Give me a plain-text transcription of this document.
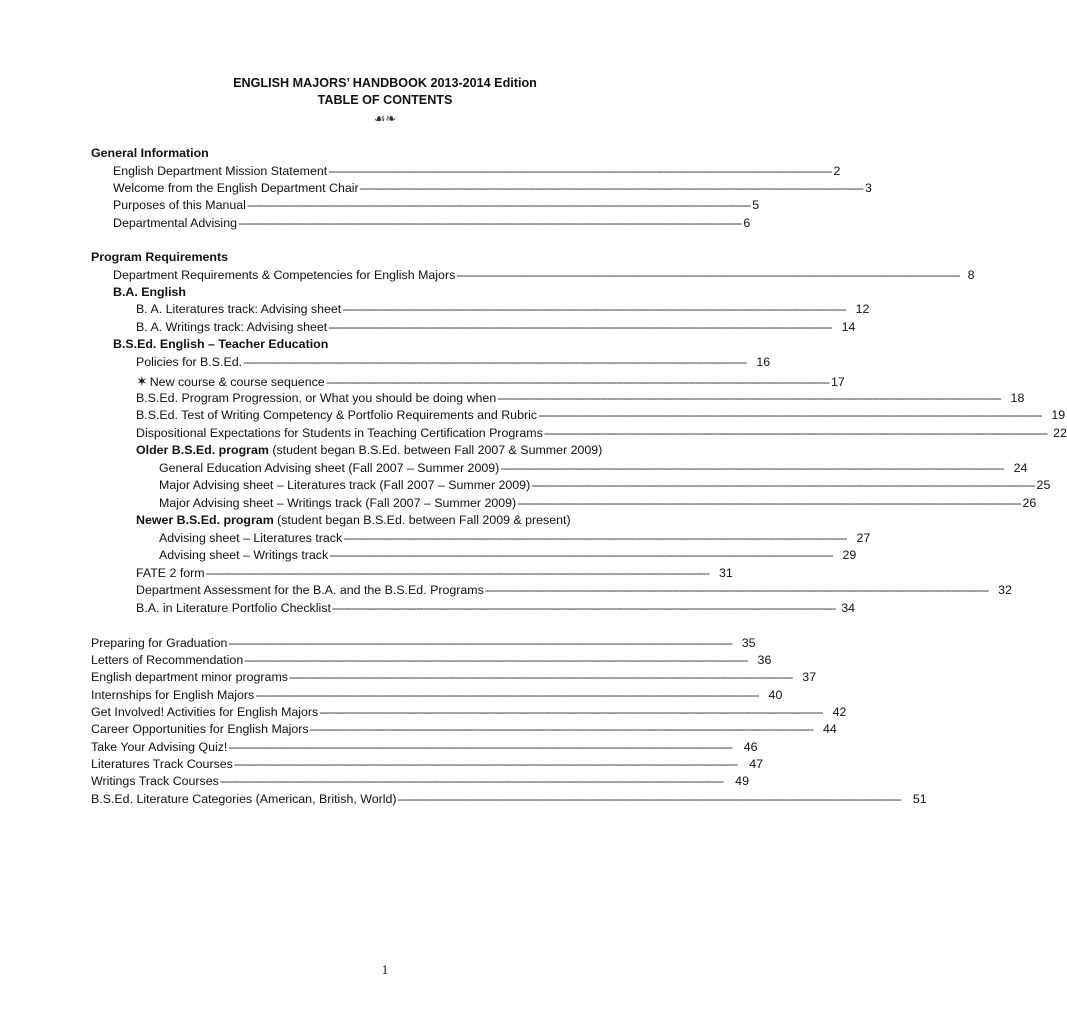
ENGLISH MAJORS’ HANDBOOK 2013-2014 Edition
TABLE OF CONTENTS
☙❧
General Information
English Department Mission Statement ----------------------------------------------------------------------------------------------------------------------------------------------------------------- 2
Welcome from the English Department Chair ----------------------------------------------------------------------------------------------------------------------------------------------------------------- 3
Purposes of this Manual ----------------------------------------------------------------------------------------------------------------------------------------------------------------- 5
Departmental Advising ----------------------------------------------------------------------------------------------------------------------------------------------------------------- 6
Program Requirements
Department Requirements & Competencies for English Majors ----------------------------------------------------------------------------------------------------------------------------------------------------------------- 8
B.A. English
B. A. Literatures track: Advising sheet ----------------------------------------------------------------------------------------------------------------------------------------------------------------- 12
B. A. Writings track: Advising sheet ----------------------------------------------------------------------------------------------------------------------------------------------------------------- 14
B.S.Ed. English – Teacher Education
Policies for B.S.Ed. ----------------------------------------------------------------------------------------------------------------------------------------------------------------- 16
✶ New course & course sequence ----------------------------------------------------------------------------------------------------------------------------------------------------------------- 17
B.S.Ed. Program Progression, or What you should be doing when ----------------------------------------------------------------------------------------------------------------------------------------------------------------- 18
B.S.Ed. Test of Writing Competency & Portfolio Requirements and Rubric ----------------------------------------------------------------------------------------------------------------------------------------------------------------- 19
Dispositional Expectations for Students in Teaching Certification Programs ----------------------------------------------------------------------------------------------------------------------------------------------------------------- 22
Older B.S.Ed. program (student began B.S.Ed. between Fall 2007 & Summer 2009)
General Education Advising sheet (Fall 2007 – Summer 2009) ----------------------------------------------------------------------------------------------------------------------------------------------------------------- 24
Major Advising sheet – Literatures track (Fall 2007 – Summer 2009) ----------------------------------------------------------------------------------------------------------------------------------------------------------------- 25
Major Advising sheet – Writings track (Fall 2007 – Summer 2009) ----------------------------------------------------------------------------------------------------------------------------------------------------------------- 26
Newer B.S.Ed. program (student began B.S.Ed. between Fall 2009 & present)
Advising sheet – Literatures track ----------------------------------------------------------------------------------------------------------------------------------------------------------------- 27
Advising sheet – Writings track ----------------------------------------------------------------------------------------------------------------------------------------------------------------- 29
FATE 2 form ----------------------------------------------------------------------------------------------------------------------------------------------------------------- 31
Department Assessment for the B.A. and the B.S.Ed. Programs ----------------------------------------------------------------------------------------------------------------------------------------------------------------- 32
B.A. in Literature Portfolio Checklist ----------------------------------------------------------------------------------------------------------------------------------------------------------------- 34
Preparing for Graduation ----------------------------------------------------------------------------------------------------------------------------------------------------------------- 35
Letters of Recommendation ----------------------------------------------------------------------------------------------------------------------------------------------------------------- 36
English department minor programs ----------------------------------------------------------------------------------------------------------------------------------------------------------------- 37
Internships for English Majors ----------------------------------------------------------------------------------------------------------------------------------------------------------------- 40
Get Involved! Activities for English Majors ----------------------------------------------------------------------------------------------------------------------------------------------------------------- 42
Career Opportunities for English Majors ----------------------------------------------------------------------------------------------------------------------------------------------------------------- 44
Take Your Advising Quiz! ----------------------------------------------------------------------------------------------------------------------------------------------------------------- 46
Literatures Track Courses ----------------------------------------------------------------------------------------------------------------------------------------------------------------- 47
Writings Track Courses ----------------------------------------------------------------------------------------------------------------------------------------------------------------- 49
B.S.Ed. Literature Categories (American, British, World) ----------------------------------------------------------------------------------------------------------------------------------------------------------------- 51
1
